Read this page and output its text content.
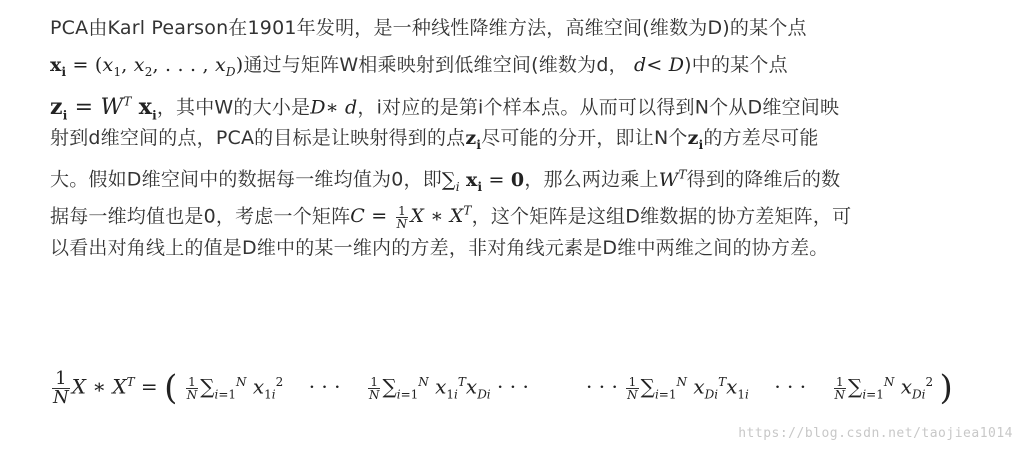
PCA由Karl Pearson在1901年发明，是一种线性降维方法，高维空间(维数为D)的某个点
$x_i = (x_1$, $x_2$, . . . , $x_D$)通过与矩阵W相乘映射到低维空间(维数为d， d< D)中的某个点
$z_i = W^T$ $x_i$，其中W的大小是D∗ d，i对应的是第i个样本点。从而可以得到N个从D维空间映
射到d维空间的点，PCA的目标是让映射得到的点$z_i$尽可能的分开，即让N个$z_i$的方差尽可能
大。假如D维空间中的数据每一维均值为0，即$\sum_i$ $x_i = 0$，那么两边乘上$W^T$得到的降维后的数
据每一维均值也是0，考虑一个矩阵$C = \frac{1}{N}$ X ∗ $X^T$，这个矩阵是这组D维数据的协方差矩阵，可
以看出对角线上的值是D维中的某一维内的方差，非对角线元素是D维中两维之间的协方差。
$\frac{1}{N}$ X ∗ $X^T$ = ( $\frac{1}{N} \sum_{i=1}^N$ $x_{1i}^2$    · · · $\frac{1}{N} \sum_{i=1}^N$ $x_{1i}^Tx_{Di}$ · · ·         · · · $\frac{1}{N} \sum_{i=1}^N$ $x_{Di}^Tx_{1i}$    · · · $\frac{1}{N} \sum_{i=1}^N$ $x_{Di}^2$ )
https://blog.csdn.net/taojiea1014
